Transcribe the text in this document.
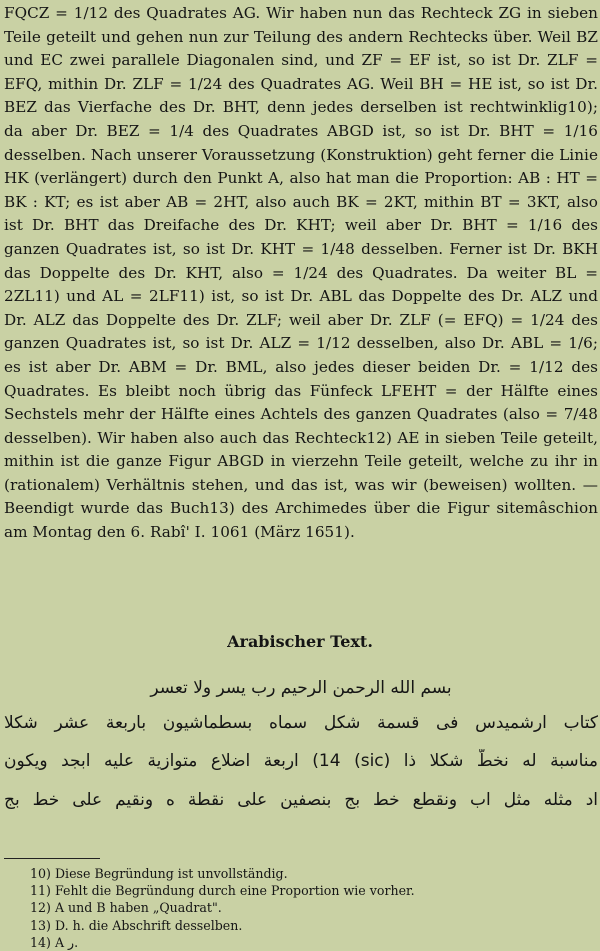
FQCZ = 1/12 des Quadrates AG. Wir haben nun das Rechteck ZG in sieben Teile geteilt und gehen nun zur Teilung des andern Rechtecks über. Weil BZ und EC zwei parallele Diagonalen sind, und ZF = EF ist, so ist Dr. ZLF = EFQ, mithin Dr. ZLF = 1/24 des Quadrates AG. Weil BH = HE ist, so ist Dr. BEZ das Vierfache des Dr. BHT, denn jedes derselben ist rechtwinklig10); da aber Dr. BEZ = 1/4 des Quadrates ABGD ist, so ist Dr. BHT = 1/16 desselben. Nach unserer Voraussetzung (Konstruktion) geht ferner die Linie HK (verlängert) durch den Punkt A, also hat man die Proportion: AB : HT = BK : KT; es ist aber AB = 2HT, also auch BK = 2KT, mithin BT = 3KT, also ist Dr. BHT das Dreifache des Dr. KHT; weil aber Dr. BHT = 1/16 des ganzen Quadrates ist, so ist Dr. KHT = 1/48 desselben. Ferner ist Dr. BKH das Doppelte des Dr. KHT, also = 1/24 des Quadrates. Da weiter BL = 2ZL11) und AL = 2LF11) ist, so ist Dr. ABL das Doppelte des Dr. ALZ und Dr. ALZ das Doppelte des Dr. ZLF; weil aber Dr. ZLF (= EFQ) = 1/24 des ganzen Quadrates ist, so ist Dr. ALZ = 1/12 desselben, also Dr. ABL = 1/6; es ist aber Dr. ABM = Dr. BML, also jedes dieser beiden Dr. = 1/12 des Quadrates. Es bleibt noch übrig das Fünfeck LFEHT = der Hälfte eines Sechstels mehr der Hälfte eines Achtels des ganzen Quadrates (also = 7/48 desselben). Wir haben also auch das Rechteck12) AE in sieben Teile geteilt, mithin ist die ganze Figur ABGD in vierzehn Teile geteilt, welche zu ihr in (rationalem) Verhältnis stehen, und das ist, was wir (beweisen) wollten. — Beendigt wurde das Buch13) des Archimedes über die Figur sitemâschion am Montag den 6. Rabî' I. 1061 (März 1651).

Arabischer Text.
بسم الله الرحمن الرحيم رب يسر ولا تعسر
كتاب ارشميدس فى قسمة شكل سماه بسطماشيون باربعة عشر شكلا
مناسبة له نخطّ شكلا ذا (sic) 14) اربعة اضلاع متوازية عليه ابجد ويكون
اد مثله مثل اب ونقطع خط بج بنصفين على نقطة ه ونقيم على خط بج
10) Diese Begründung ist unvollständig.
11) Fehlt die Begründung durch eine Proportion wie vorher.
12) A und B haben „Quadrat".
13) D. h. die Abschrift desselben.
14) A ر.
